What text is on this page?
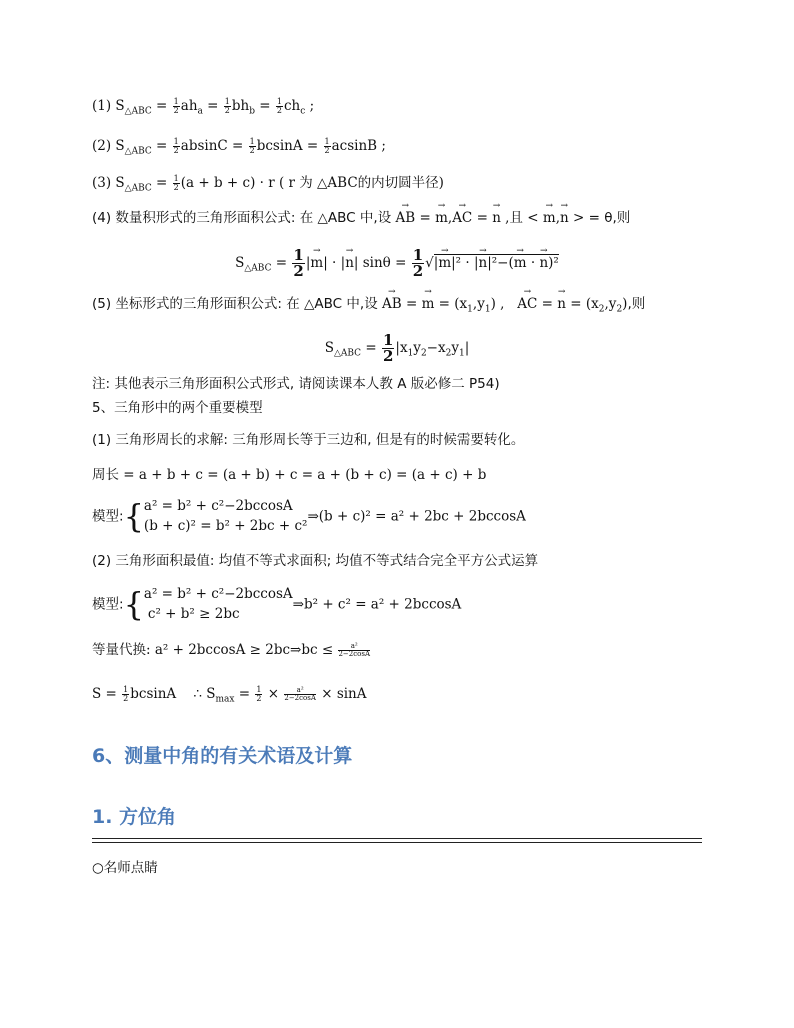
(1) $S_{\triangle ABC} = \frac{1}{2} ah_a = \frac{1}{2} bh_b = \frac{1}{2} ch_c$ ;
(2) $S_{\triangle ABC} = \frac{1}{2}$ $absinC = \frac{1}{2}$ $bcsinA = \frac{1}{2}$ acsinB ;
(3) $S_{\triangle ABC} = \frac{1}{2} (a + b + c) \cdot r$ ( r 为 △ABC的内切圆半径)
(4) 数量积形式的三角形面积公式: 在 △ABC 中,设 → AB = → m,→ AC = → n ,且 < → m,→ n > = θ,则
$S_{\triangle ABC} = \frac{1}{2}$ |→ m| · |→ n| $\sin\theta = \frac{1}{2}$ √|→ m|² · |→ n|²−(→ m · → n)²
(5) 坐标形式的三角形面积公式: 在 △ABC 中,设 → AB = → $m = (x_1,y_1)$ ,   → AC = → $n = (x_2,y_2)$,则
$S_{\triangle ABC} = \frac{1}{2} |x_1y_2-x_2y_1|$
注: 其他表示三角形面积公式形式, 请阅读课本人教 A 版必修二 P54)
5、三角形中的两个重要模型
(1) 三角形周长的求解: 三角形周长等于三边和, 但是有的时候需要转化。
周长 = a + b + c = (a + b) + c = a + (b + c) = (a + c) + b
模型:{ a² = b² + c²−2bccosA
(b + c)² = b² + 2bc + c²
⇒(b + c)² = a² + 2bc + 2bccosA
(2) 三角形面积最值: 均值不等式求面积; 均值不等式结合完全平方公式运算
模型:{ a² = b² + c²−2bccosA
c² + b² ≥ 2bc
⇒b² + c² = a² + 2bccosA
等量代换: a² + 2bccosA ≥ 2bc⇒bc ≤ $\frac{\text{a²}}{2-2\cos A}$
$S = \frac{1}{2}$ bcsinA ∴ $S_{max} = \frac{1}{2} \times \frac{\text{a²}}{2-2\cos A} \times \sin A$
6、测量中角的有关术语及计算
1. 方位角
○名师点睛
